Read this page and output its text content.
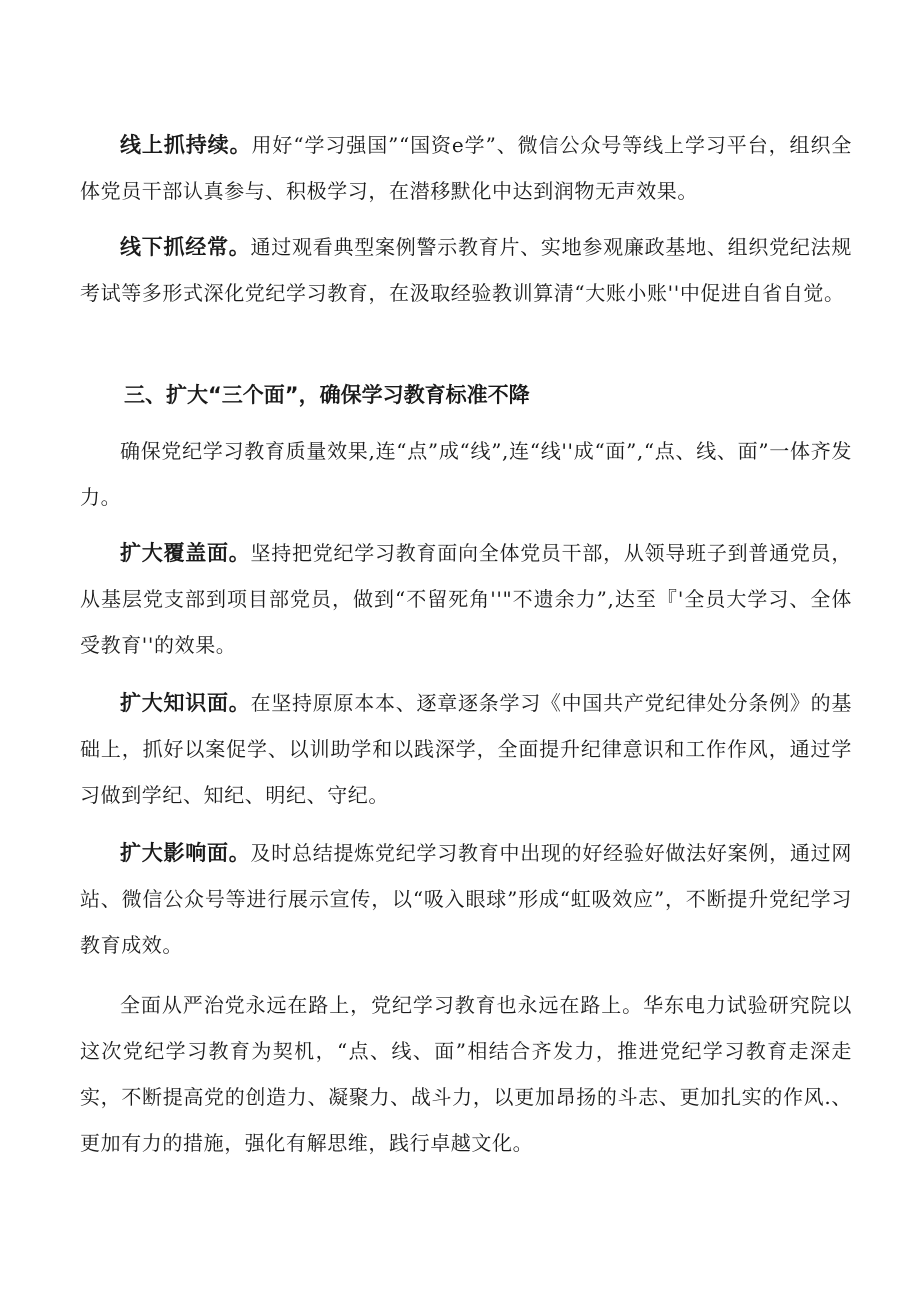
线上抓持续。用好“学习强国”“国资e学”、微信公众号等线上学习平台，组织全体党员干部认真参与、积极学习，在潜移默化中达到润物无声效果。

线下抓经常。通过观看典型案例警示教育片、实地参观廉政基地、组织党纪法规考试等多形式深化党纪学习教育，在汲取经验教训算清“大账小账''中促进自省自觉。

三、扩大“三个面”，确保学习教育标准不降

确保党纪学习教育质量效果,连“点”成“线”,连“线''成“面”,“点、线、面”一体齐发力。

扩大覆盖面。坚持把党纪学习教育面向全体党员干部，从领导班子到普通党员，从基层党支部到项目部党员，做到“不留死角''"不遗余力”,达至『'全员大学习、全体受教育''的效果。

扩大知识面。在坚持原原本本、逐章逐条学习《中国共产党纪律处分条例》的基础上，抓好以案促学、以训助学和以践深学，全面提升纪律意识和工作作风，通过学习做到学纪、知纪、明纪、守纪。

扩大影响面。及时总结提炼党纪学习教育中出现的好经验好做法好案例，通过网站、微信公众号等进行展示宣传，以“吸入眼球”形成“虹吸效应”，不断提升党纪学习教育成效。

全面从严治党永远在路上，党纪学习教育也永远在路上。华东电力试验研究院以这次党纪学习教育为契机，“点、线、面”相结合齐发力，推进党纪学习教育走深走实，不断提高党的创造力、凝聚力、战斗力，以更加昂扬的斗志、更加扎实的作风.、更加有力的措施，强化有解思维，践行卓越文化。
